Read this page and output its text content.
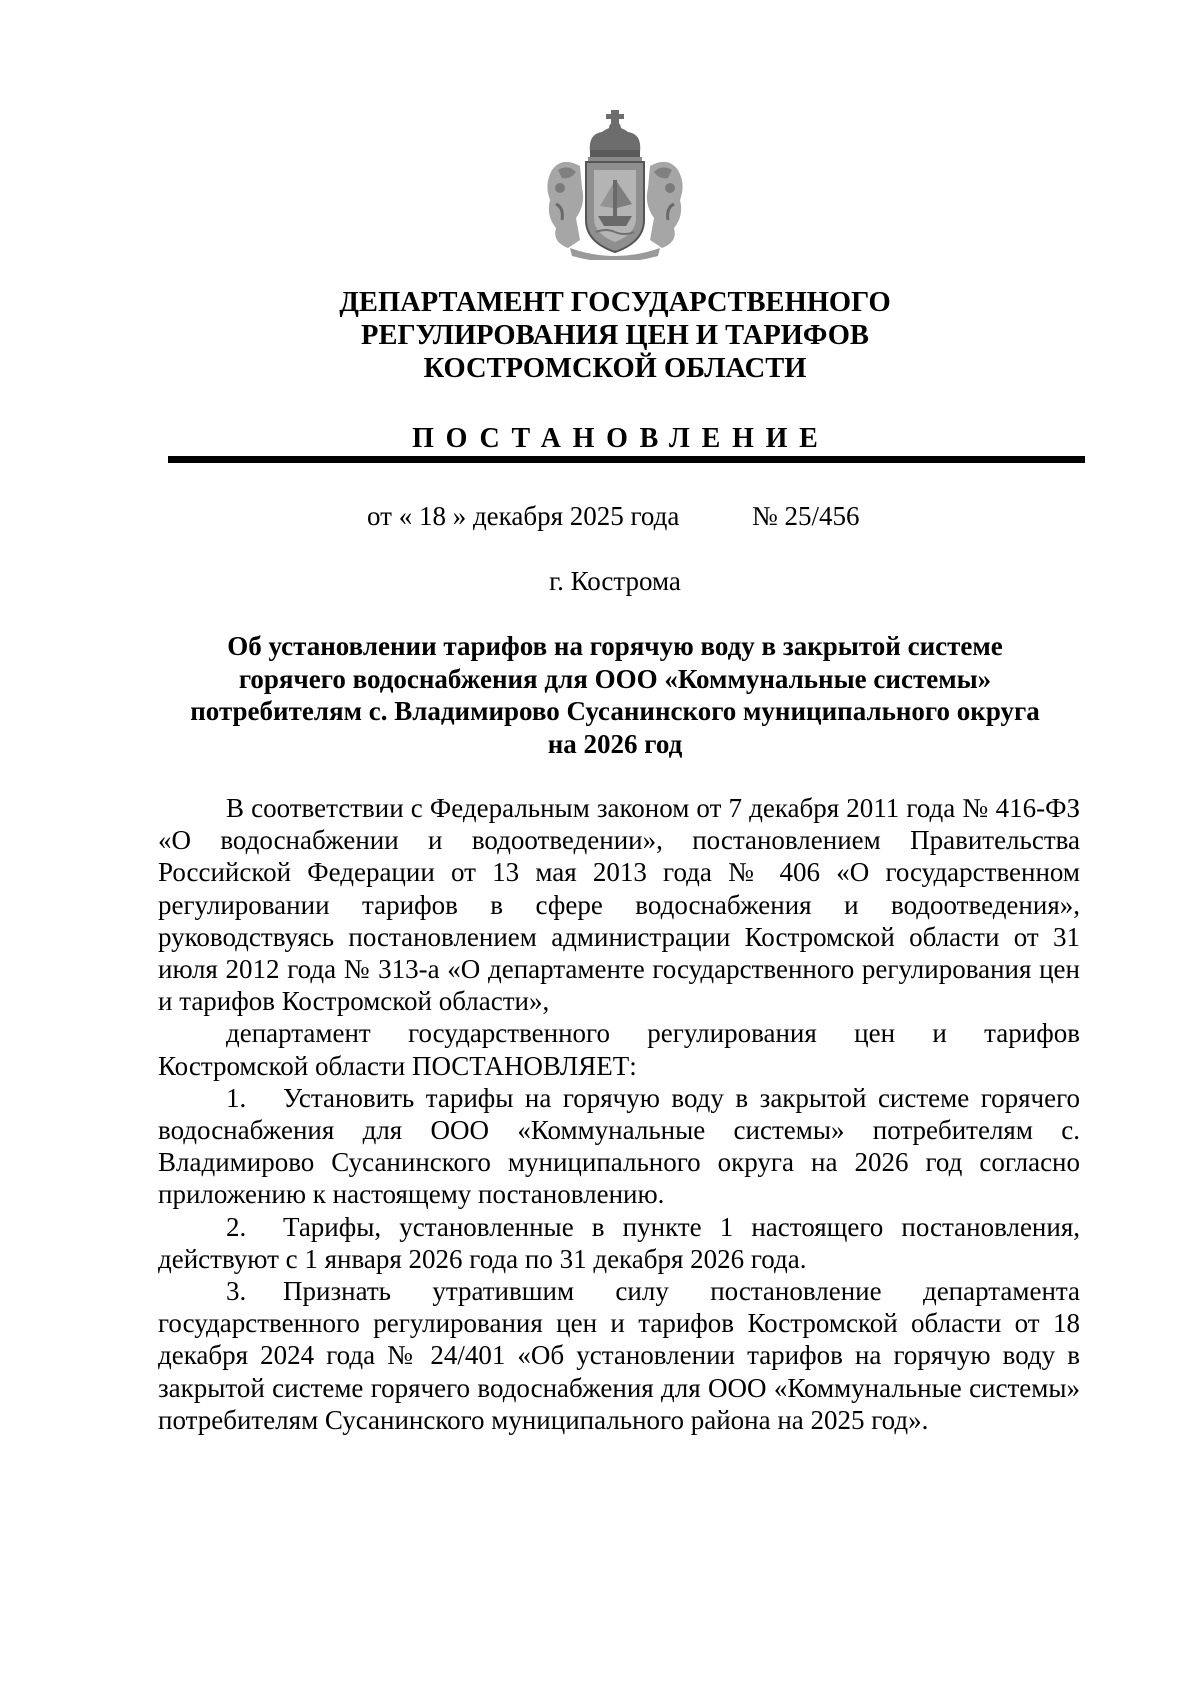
ДЕПАРТАМЕНТ ГОСУДАРСТВЕННОГО
РЕГУЛИРОВАНИЯ ЦЕН И ТАРИФОВ
КОСТРОМСКОЙ ОБЛАСТИ
ПОСТАНОВЛЕНИЕ
от « 18 » декабря 2025 года	№ 25/456
г. Кострома
Об установлении тарифов на горячую воду в закрытой системе
горячего водоснабжения для ООО «Коммунальные системы»
потребителям с. Владимирово Сусанинского муниципального округа
на 2026 год

В соответствии с Федеральным законом от 7 декабря 2011 года № 416-ФЗ «О водоснабжении и водоотведении», постановлением Правительства Российской Федерации от 13 мая 2013 года № 406 «О государственном регулировании тарифов в сфере водоснабжения и водоотведения», руководствуясь постановлением администрации Костромской области от 31 июля 2012 года № 313-а «О департаменте государственного регулирования цен и тарифов Костромской области»,

департамент государственного регулирования цен и тарифов Костромской области ПОСТАНОВЛЯЕТ:

1. Установить тарифы на горячую воду в закрытой системе горячего водоснабжения для ООО «Коммунальные системы» потребителям с. Владимирово Сусанинского муниципального округа на 2026 год согласно приложению к настоящему постановлению.

2. Тарифы, установленные в пункте 1 настоящего постановления, действуют с 1 января 2026 года по 31 декабря 2026 года.

3. Признать утратившим силу постановление департамента государственного регулирования цен и тарифов Костромской области от 18 декабря 2024 года № 24/401 «Об установлении тарифов на горячую воду в закрытой системе горячего водоснабжения для ООО «Коммунальные системы» потребителям Сусанинского муниципального района на 2025 год».
